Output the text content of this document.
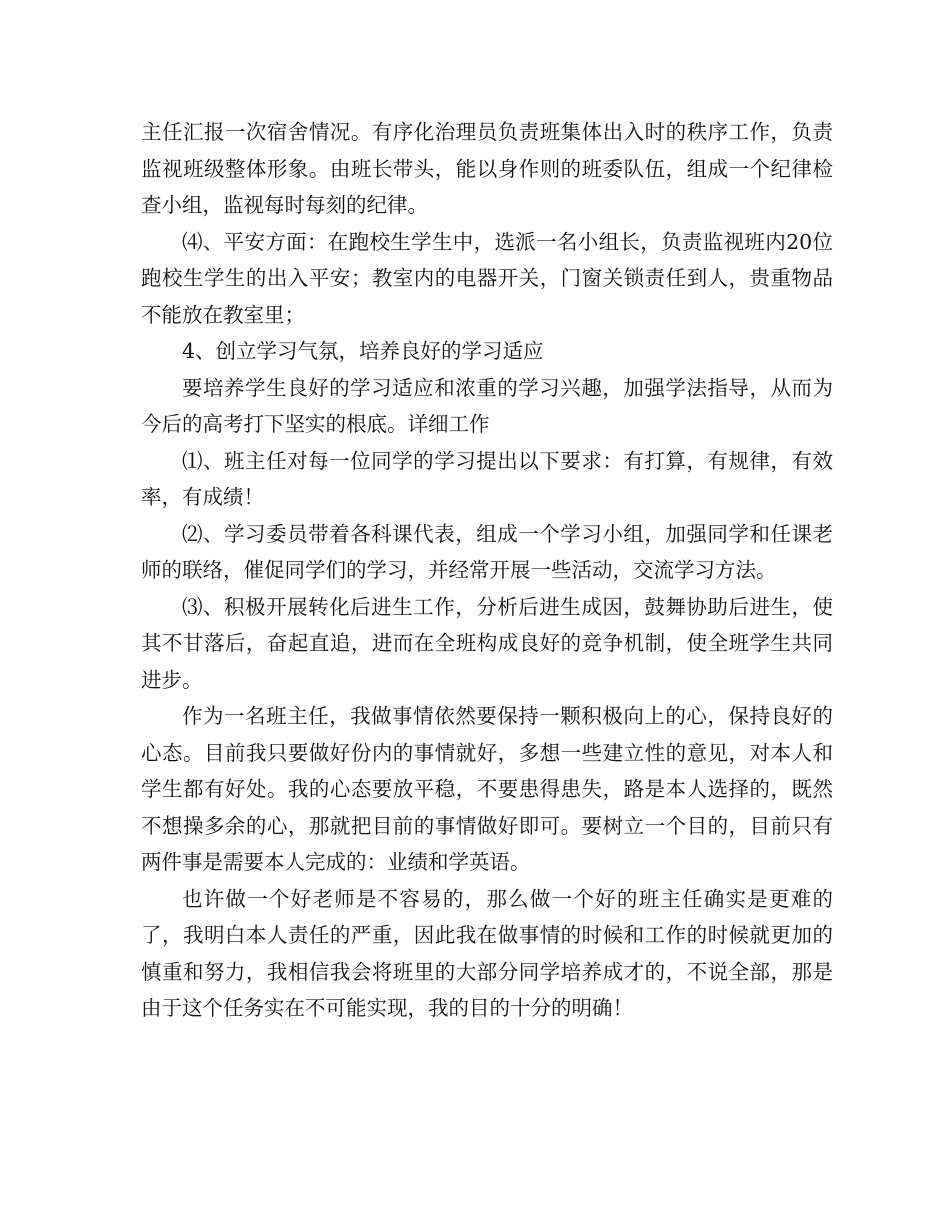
主任汇报一次宿舍情况。有序化治理员负责班集体出入时的秩序工作，负责监视班级整体形象。由班长带头，能以身作则的班委队伍，组成一个纪律检查小组，监视每时每刻的纪律。

⑷、平安方面：在跑校生学生中，选派一名小组长，负责监视班内20位跑校生学生的出入平安；教室内的电器开关，门窗关锁责任到人，贵重物品不能放在教室里；

4、创立学习气氛，培养良好的学习适应

要培养学生良好的学习适应和浓重的学习兴趣，加强学法指导，从而为今后的高考打下坚实的根底。详细工作

⑴、班主任对每一位同学的学习提出以下要求：有打算，有规律，有效率，有成绩！

⑵、学习委员带着各科课代表，组成一个学习小组，加强同学和任课老师的联络，催促同学们的学习，并经常开展一些活动，交流学习方法。

⑶、积极开展转化后进生工作，分析后进生成因，鼓舞协助后进生，使其不甘落后，奋起直追，进而在全班构成良好的竞争机制，使全班学生共同进步。

作为一名班主任，我做事情依然要保持一颗积极向上的心，保持良好的心态。目前我只要做好份内的事情就好，多想一些建立性的意见，对本人和学生都有好处。我的心态要放平稳，不要患得患失，路是本人选择的，既然不想操多余的心，那就把目前的事情做好即可。要树立一个目的，目前只有两件事是需要本人完成的：业绩和学英语。

也许做一个好老师是不容易的，那么做一个好的班主任确实是更难的了，我明白本人责任的严重，因此我在做事情的时候和工作的时候就更加的慎重和努力，我相信我会将班里的大部分同学培养成才的，不说全部，那是由于这个任务实在不可能实现，我的目的十分的明确！
